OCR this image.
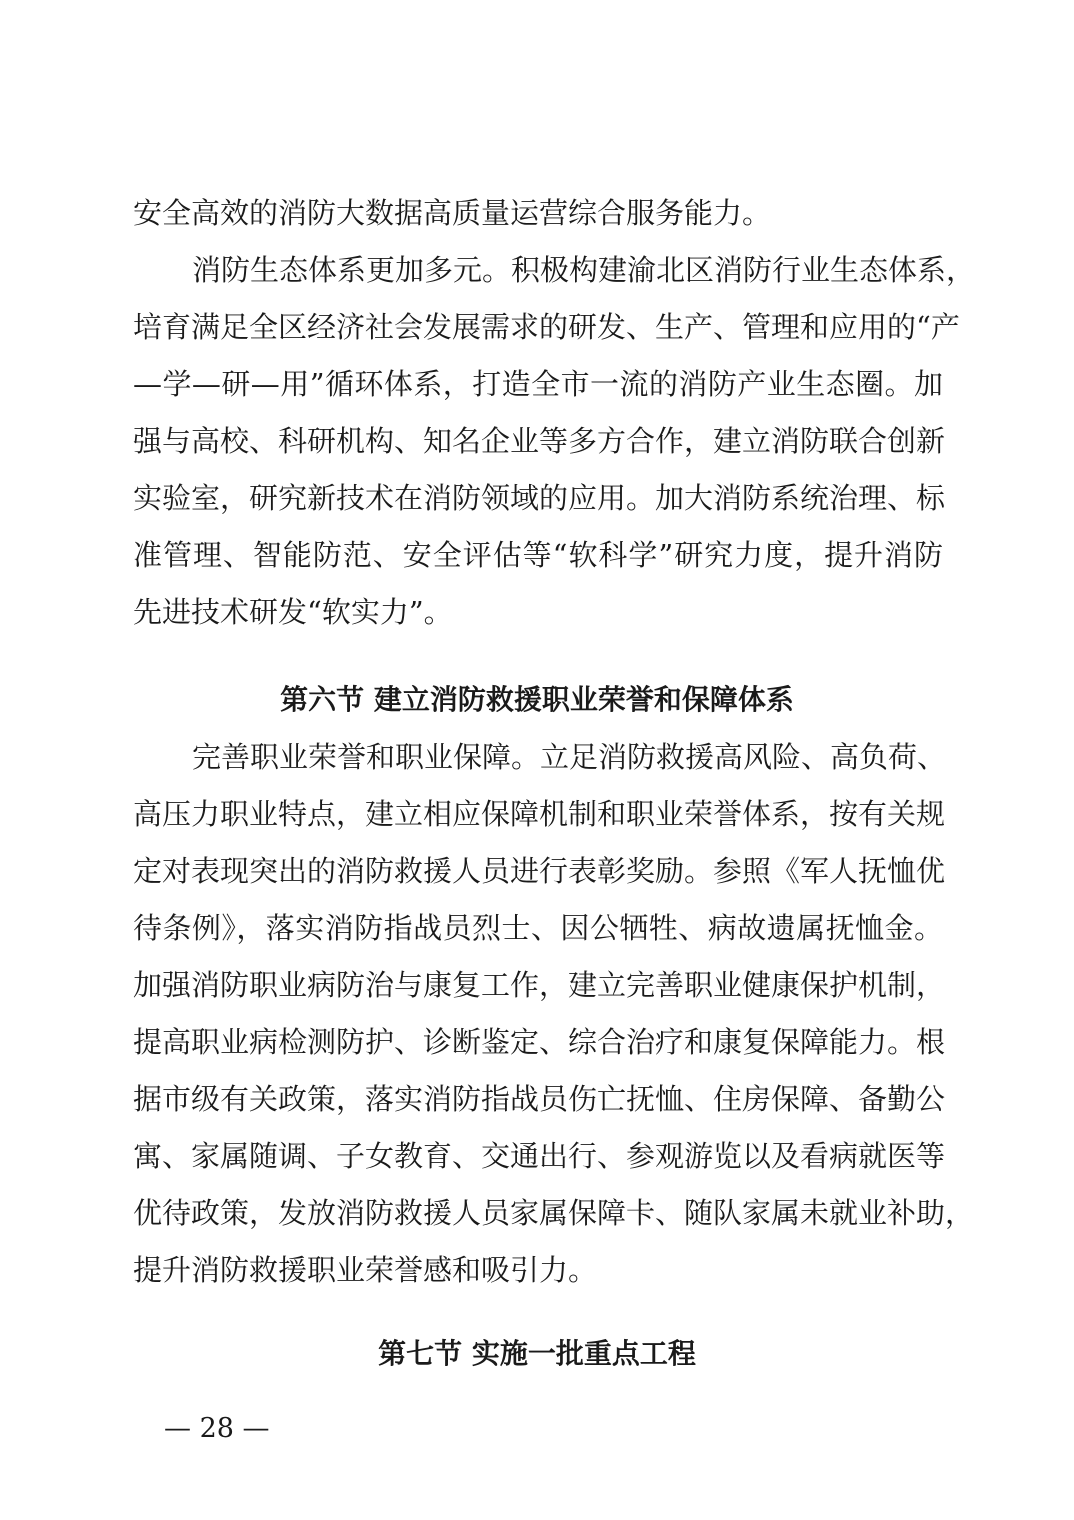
安全高效的消防大数据高质量运营综合服务能力。
消防生态体系更加多元。积极构建渝北区消防行业生态体系，
培育满足全区经济社会发展需求的研发、生产、管理和应用的“产
—学—研—用”循环体系，打造全市一流的消防产业生态圈。加
强与高校、科研机构、知名企业等多方合作，建立消防联合创新
实验室，研究新技术在消防领域的应用。加大消防系统治理、标
准管理、智能防范、安全评估等“软科学”研究力度，提升消防
先进技术研发“软实力”。
第六节 建立消防救援职业荣誉和保障体系
完善职业荣誉和职业保障。立足消防救援高风险、高负荷、
高压力职业特点，建立相应保障机制和职业荣誉体系，按有关规
定对表现突出的消防救援人员进行表彰奖励。参照《军人抚恤优
待条例》，落实消防指战员烈士、因公牺牲、病故遗属抚恤金。
加强消防职业病防治与康复工作，建立完善职业健康保护机制，
提高职业病检测防护、诊断鉴定、综合治疗和康复保障能力。根
据市级有关政策，落实消防指战员伤亡抚恤、住房保障、备勤公
寓、家属随调、子女教育、交通出行、参观游览以及看病就医等
优待政策，发放消防救援人员家属保障卡、随队家属未就业补助，
提升消防救援职业荣誉感和吸引力。
第七节 实施一批重点工程
— 28 —
